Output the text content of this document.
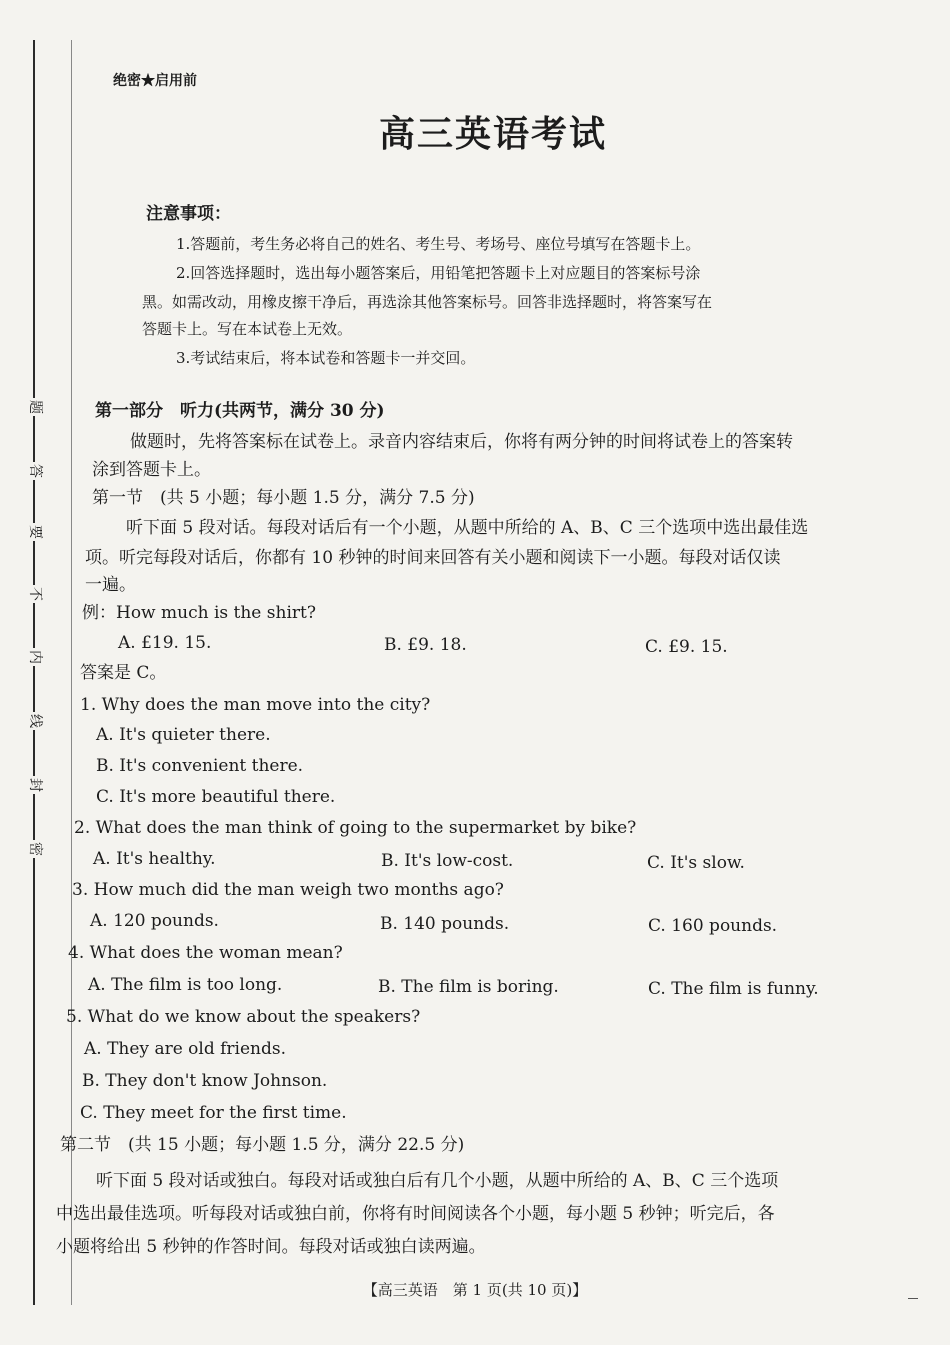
题
答
要
不
内
线
封
密
绝密★启用前
高三英语考试
注意事项：
1.答题前，考生务必将自己的姓名、考生号、考场号、座位号填写在答题卡上。
2.回答选择题时，选出每小题答案后，用铅笔把答题卡上对应题目的答案标号涂
黑。如需改动，用橡皮擦干净后，再选涂其他答案标号。回答非选择题时，将答案写在
答题卡上。写在本试卷上无效。
3.考试结束后，将本试卷和答题卡一并交回。
第一部分　听力(共两节，满分 30 分)
做题时，先将答案标在试卷上。录音内容结束后，你将有两分钟的时间将试卷上的答案转
涂到答题卡上。
第一节　(共 5 小题；每小题 1.5 分，满分 7.5 分)
听下面 5 段对话。每段对话后有一个小题，从题中所给的 A、B、C 三个选项中选出最佳选
项。听完每段对话后，你都有 10 秒钟的时间来回答有关小题和阅读下一小题。每段对话仅读
一遍。
例：How much is the shirt?
A. £19. 15.	B. £9. 18.	C. £9. 15.
答案是 C。
1. Why does the man move into the city?
A. It's quieter there.
B. It's convenient there.
C. It's more beautiful there.
2. What does the man think of going to the supermarket by bike?
A. It's healthy.	B. It's low-cost.	C. It's slow.
3. How much did the man weigh two months ago?
A. 120 pounds.	B. 140 pounds.	C. 160 pounds.
4. What does the woman mean?
A. The film is too long.	B. The film is boring.	C. The film is funny.
5. What do we know about the speakers?
A. They are old friends.
B. They don't know Johnson.
C. They meet for the first time.
第二节　(共 15 小题；每小题 1.5 分，满分 22.5 分)
听下面 5 段对话或独白。每段对话或独白后有几个小题，从题中所给的 A、B、C 三个选项
中选出最佳选项。听每段对话或独白前，你将有时间阅读各个小题，每小题 5 秒钟；听完后，各
小题将给出 5 秒钟的作答时间。每段对话或独白读两遍。
【高三英语　第 1 页(共 10 页)】
